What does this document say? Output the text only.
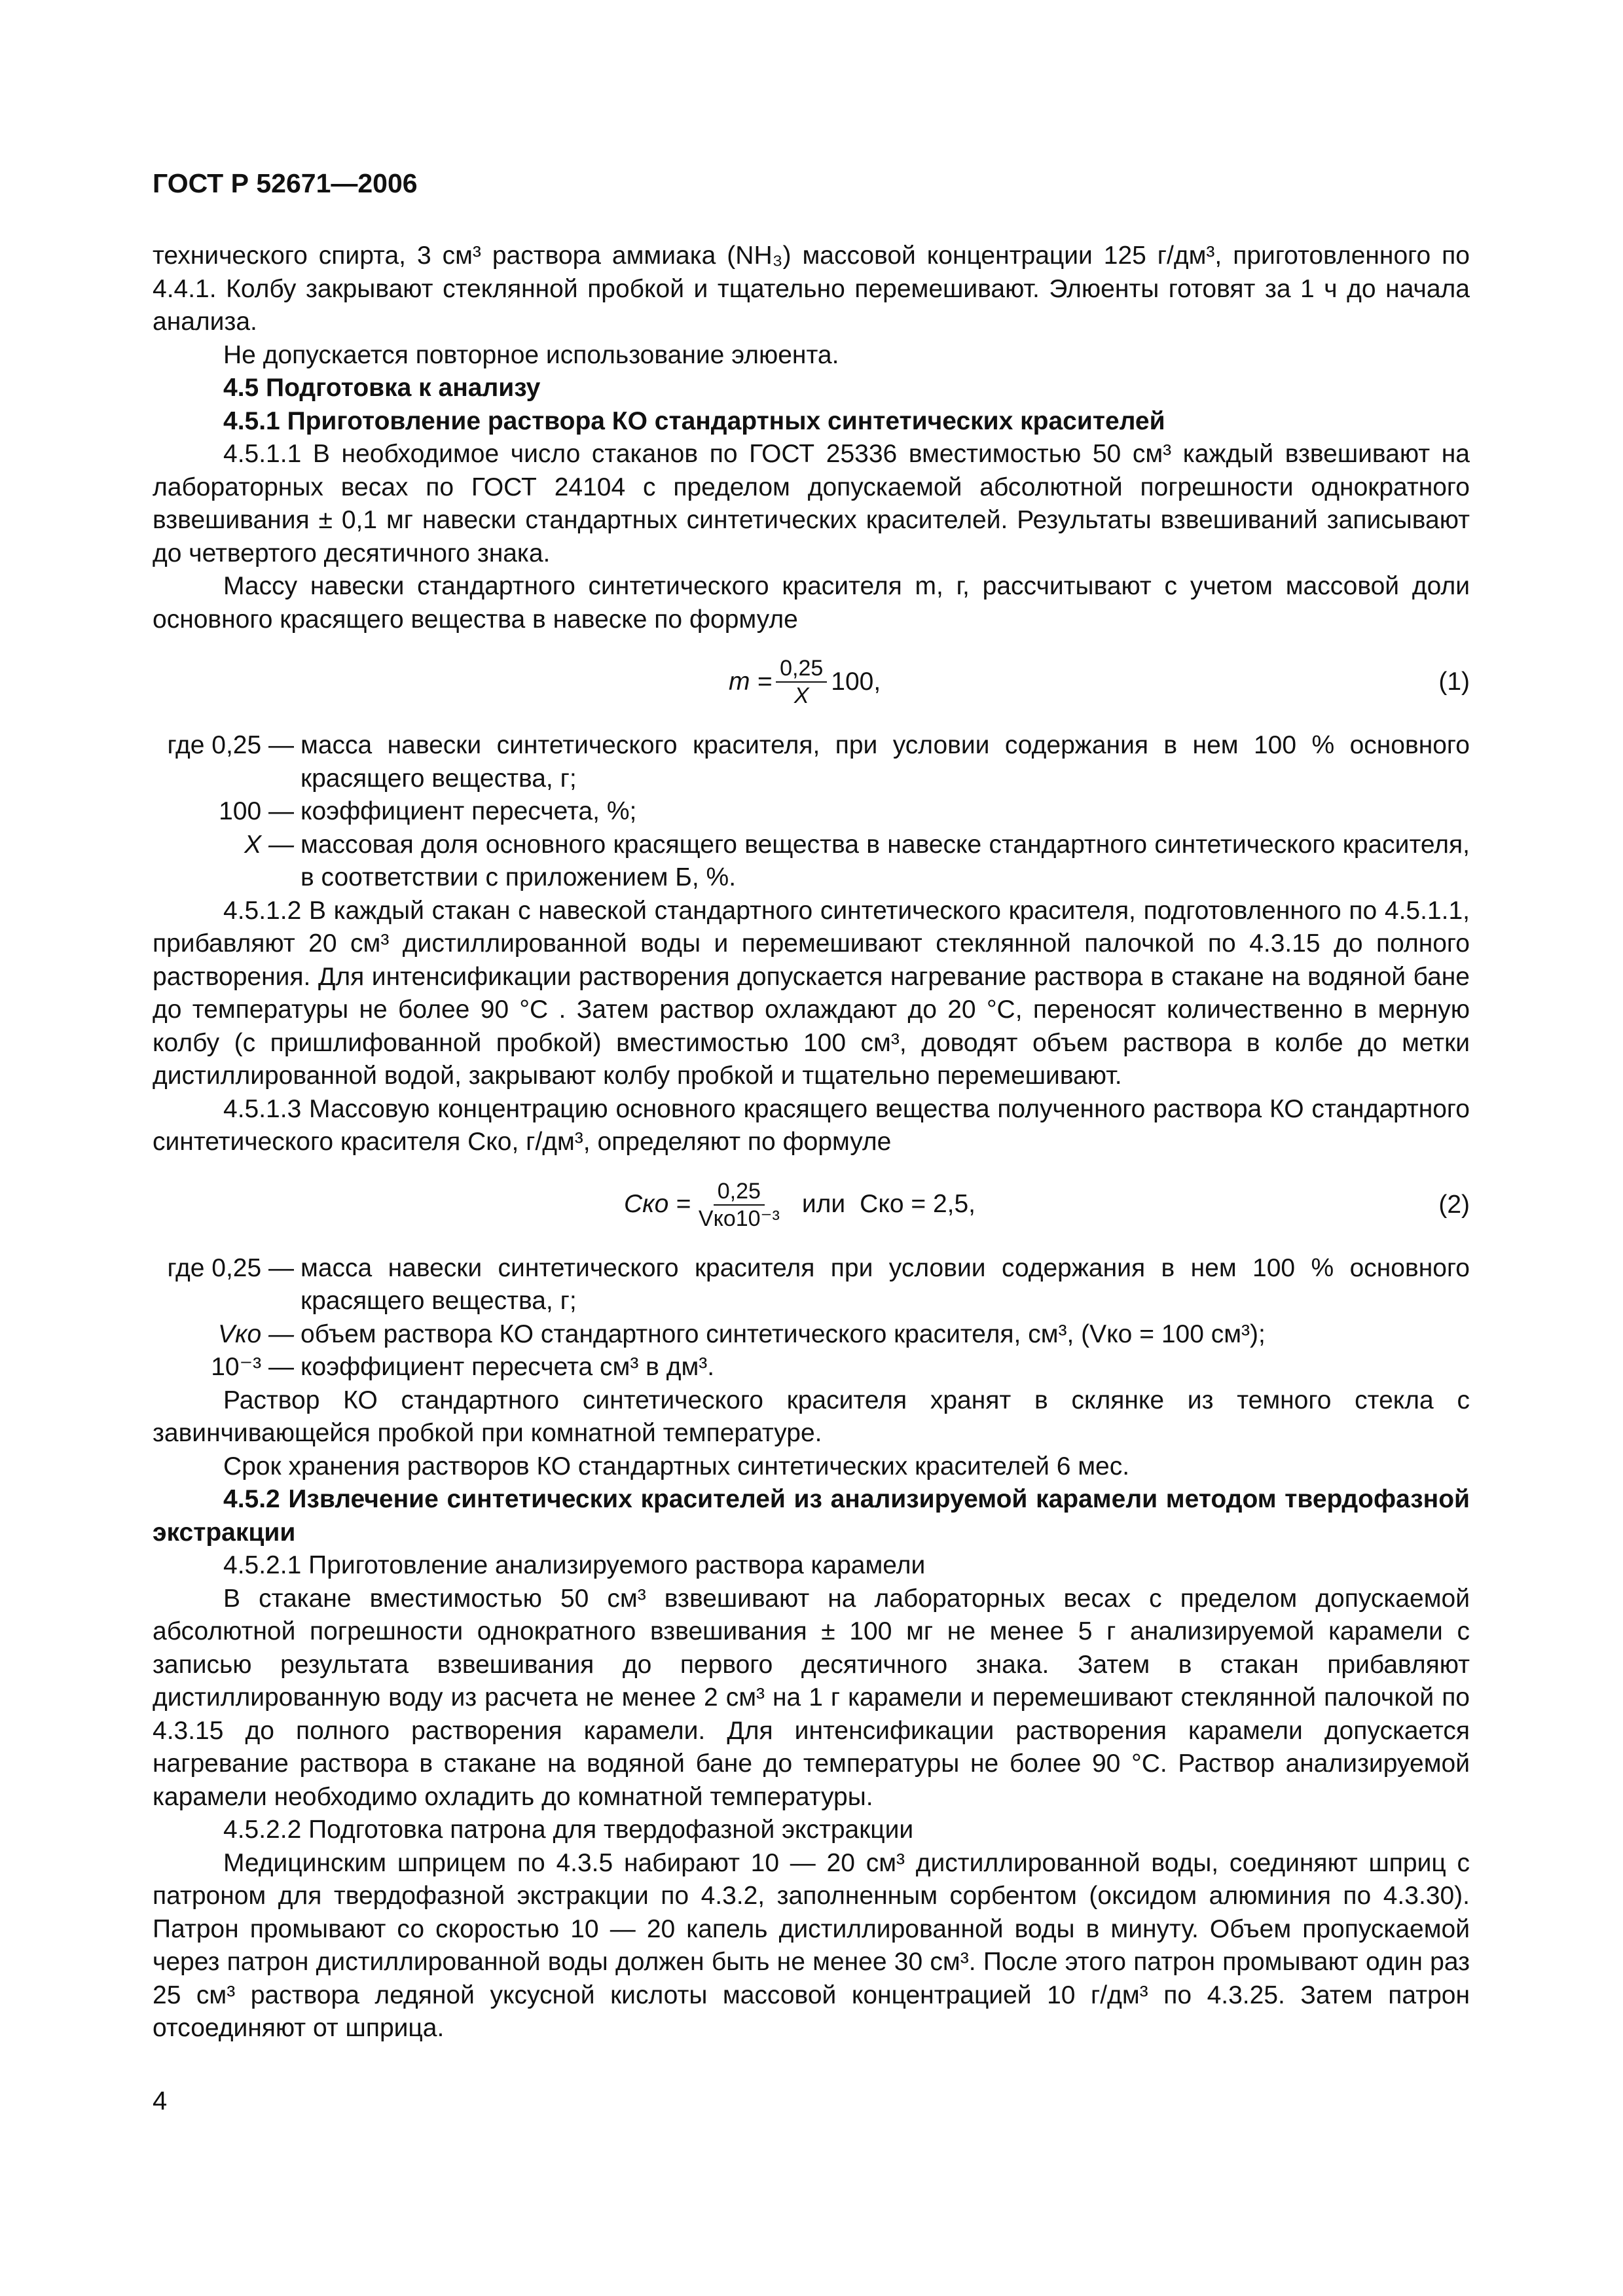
ГОСТ Р 52671—2006

технического спирта, 3 см³ раствора аммиака (NH₃) массовой концентрации 125 г/дм³, приготовленного по 4.4.1. Колбу закрывают стеклянной пробкой и тщательно перемешивают. Элюенты готовят за 1 ч до начала анализа.

Не допускается повторное использование элюента.

4.5 Подготовка к анализу

4.5.1 Приготовление раствора КО стандартных синтетических красителей

4.5.1.1 В необходимое число стаканов по ГОСТ 25336 вместимостью 50 см³ каждый взвешивают на лабораторных весах по ГОСТ 24104 с пределом допускаемой абсолютной погрешности однократного взвешивания ± 0,1 мг навески стандартных синтетических красителей. Результаты взвешиваний записывают до четвертого десятичного знака.

Массу навески стандартного синтетического красителя m, г, рассчитывают с учетом массовой доли основного красящего вещества в навеске по формуле

$m = \frac{0,25}{X} 100$,	(1)
где 0,25 — масса навески синтетического красителя, при условии содержания в нем 100 % основного красящего вещества, г;
100 — коэффициент пересчета, %;
X — массовая доля основного красящего вещества в навеске стандартного синтетического красителя, в соответствии с приложением Б, %.

4.5.1.2 В каждый стакан с навеской стандартного синтетического красителя, подготовленного по 4.5.1.1, прибавляют 20 см³ дистиллированной воды и перемешивают стеклянной палочкой по 4.3.15 до полного растворения. Для интенсификации растворения допускается нагревание раствора в стакане на водяной бане до температуры не более 90 °С . Затем раствор охлаждают до 20 °С, переносят количественно в мерную колбу (с пришлифованной пробкой) вместимостью 100 см³, доводят объем раствора в колбе до метки дистиллированной водой, закрывают колбу пробкой и тщательно перемешивают.

4.5.1.3 Массовую концентрацию основного красящего вещества полученного раствора КО стандартного синтетического красителя Cко, г/дм³, определяют по формуле

Cко = $\frac{0,25}{\text{Vко10⁻³}}$ или Cко = 2,5,	(2)
где 0,25 — масса навески синтетического красителя при условии содержания в нем 100 % основного красящего вещества, г;
Vко — объем раствора КО стандартного синтетического красителя, см³, (Vко = 100 см³);
10⁻³ — коэффициент пересчета см³ в дм³.

Раствор КО стандартного синтетического красителя хранят в склянке из темного стекла с завинчивающейся пробкой при комнатной температуре.

Срок хранения растворов КО стандартных синтетических красителей 6 мес.

4.5.2 Извлечение синтетических красителей из анализируемой карамели методом твердофазной экстракции

4.5.2.1 Приготовление анализируемого раствора карамели

В стакане вместимостью 50 см³ взвешивают на лабораторных весах с пределом допускаемой абсолютной погрешности однократного взвешивания ± 100 мг не менее 5 г анализируемой карамели с записью результата взвешивания до первого десятичного знака. Затем в стакан прибавляют дистиллированную воду из расчета не менее 2 см³ на 1 г карамели и перемешивают стеклянной палочкой по 4.3.15 до полного растворения карамели. Для интенсификации растворения карамели допускается нагревание раствора в стакане на водяной бане до температуры не более 90 °С. Раствор анализируемой карамели необходимо охладить до комнатной температуры.

4.5.2.2 Подготовка патрона для твердофазной экстракции

Медицинским шприцем по 4.3.5 набирают 10 — 20 см³ дистиллированной воды, соединяют шприц с патроном для твердофазной экстракции по 4.3.2, заполненным сорбентом (оксидом алюминия по 4.3.30). Патрон промывают со скоростью 10 — 20 капель дистиллированной воды в минуту. Объем пропускаемой через патрон дистиллированной воды должен быть не менее 30 см³. После этого патрон промывают один раз 25 см³ раствора ледяной уксусной кислоты массовой концентрацией 10 г/дм³ по 4.3.25. Затем патрон отсоединяют от шприца.

4
